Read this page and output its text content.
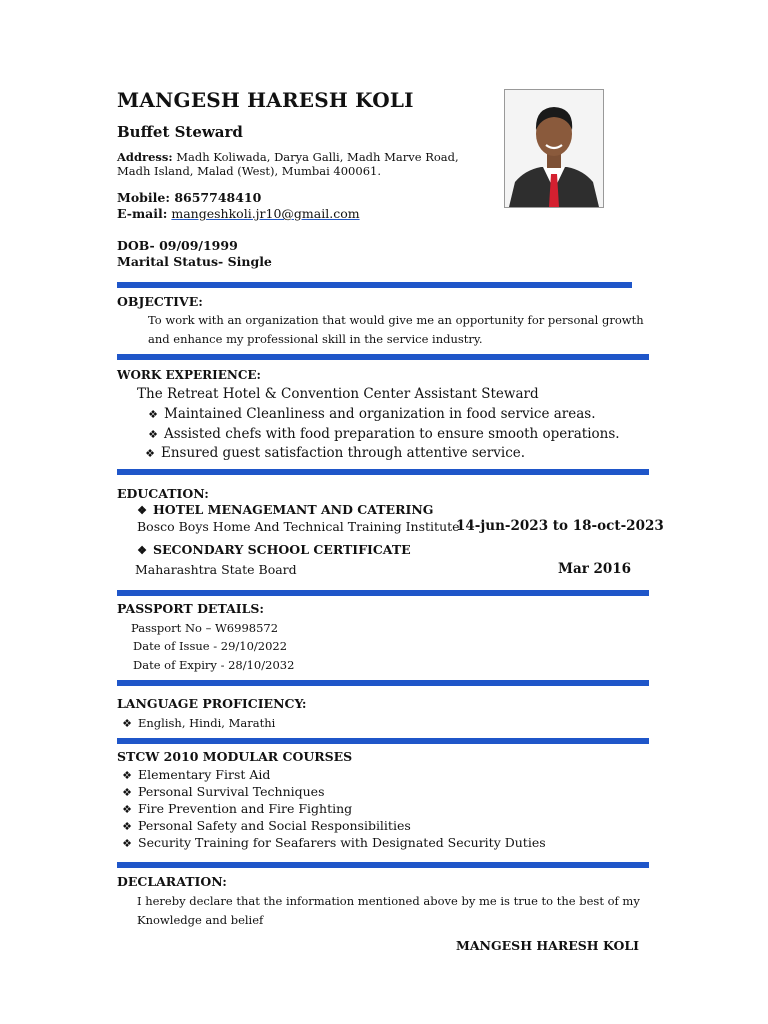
MANGESH HARESH KOLI
Buffet Steward
Address: Madh Koliwada, Darya Galli, Madh Marve Road,
Madh Island, Malad (West), Mumbai 400061.
Mobile: 8657748410
E-mail: mangeshkoli.jr10@gmail.com
DOB- 09/09/1999
Marital Status- Single
OBJECTIVE:
To work with an organization that would give me an opportunity for personal growth
and enhance my professional skill in the service industry.
WORK EXPERIENCE:
The Retreat Hotel & Convention Center Assistant Steward
❖ Maintained Cleanliness and organization in food service areas.
❖ Assisted chefs with food preparation to ensure smooth operations.
❖ Ensured guest satisfaction through attentive service.
EDUCATION:
❖ HOTEL MENAGEMANT AND CATERING
Bosco Boys Home And Technical Training Institute
14-jun-2023 to 18-oct-2023
❖ SECONDARY SCHOOL CERTIFICATE
Maharashtra State Board	Mar 2016
PASSPORT DETAILS:
Passport No – W6998572
Date of Issue - 29/10/2022
Date of Expiry - 28/10/2032
LANGUAGE PROFICIENCY:
❖ English, Hindi, Marathi
STCW 2010 MODULAR COURSES
❖ Elementary First Aid
❖ Personal Survival Techniques
❖ Fire Prevention and Fire Fighting
❖ Personal Safety and Social Responsibilities
❖ Security Training for Seafarers with Designated Security Duties
DECLARATION:
I hereby declare that the information mentioned above by me is true to the best of my
Knowledge and belief
MANGESH HARESH KOLI
